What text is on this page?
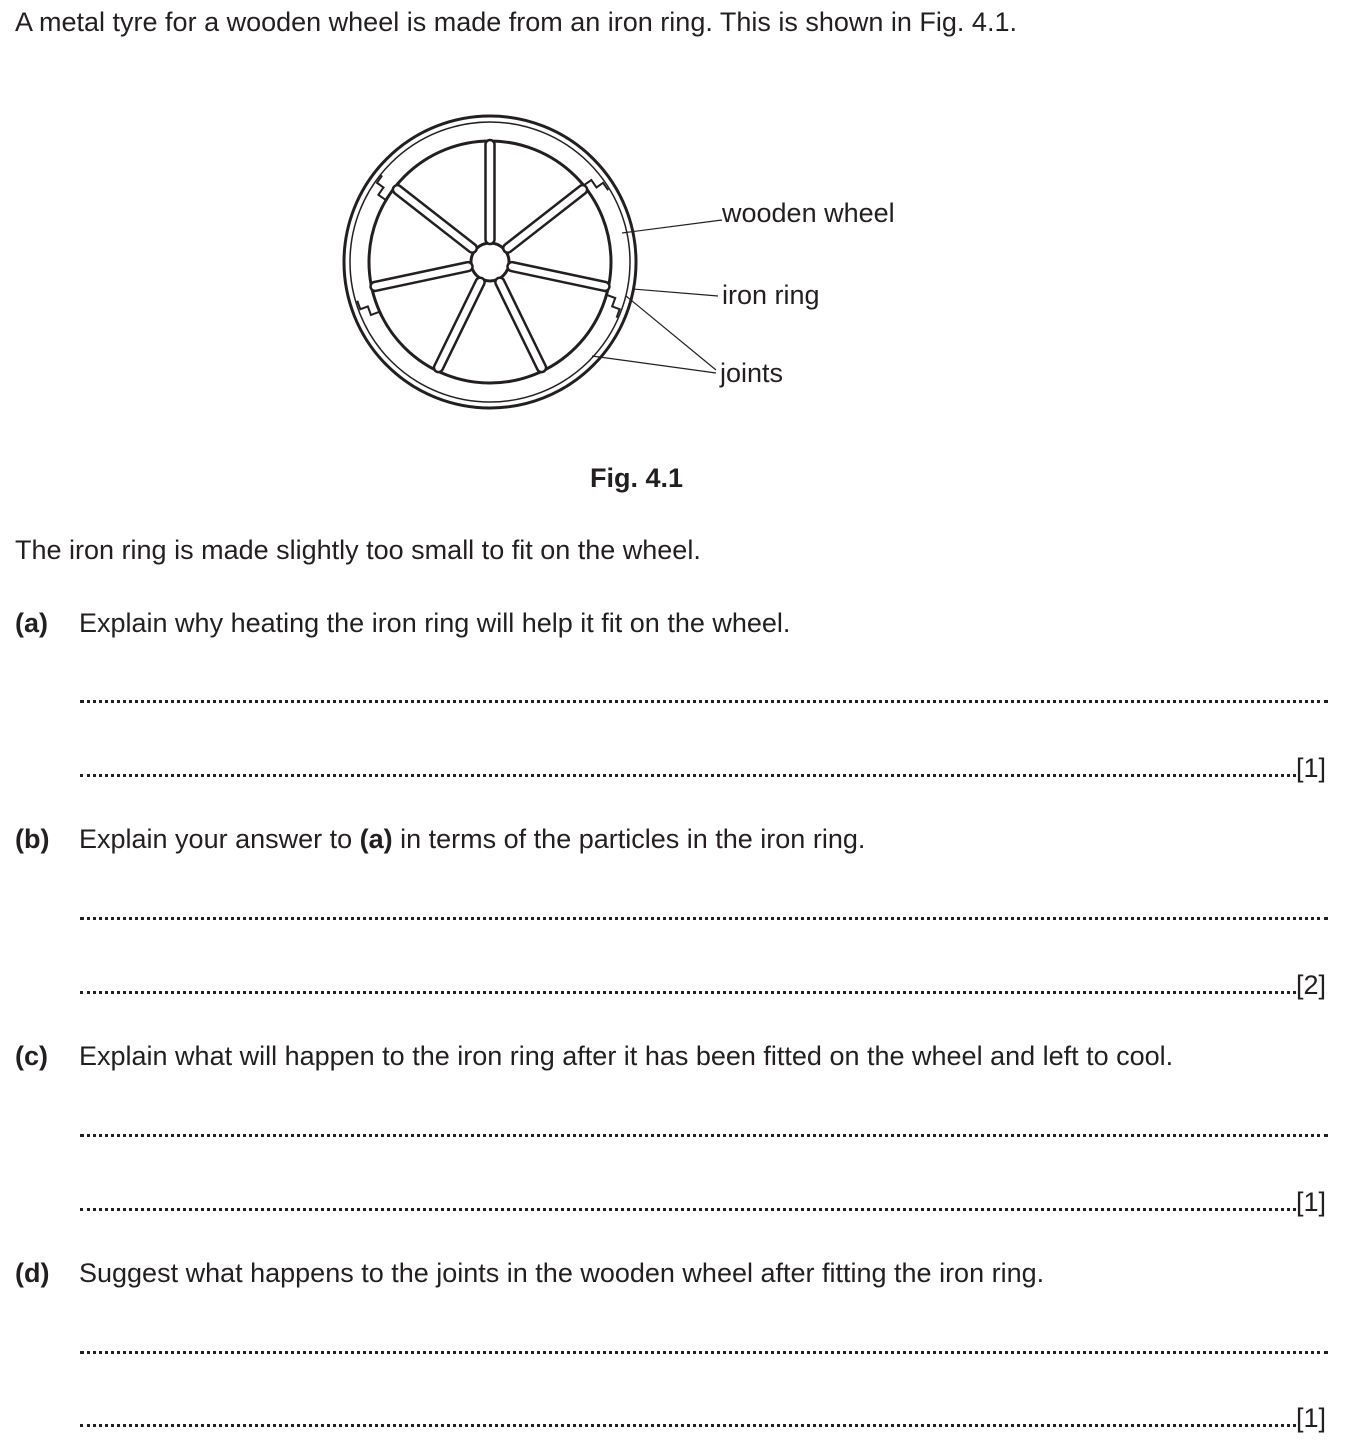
A metal tyre for a wooden wheel is made from an iron ring. This is shown in Fig. 4.1.
wooden wheel
iron ring
joints
Fig. 4.1
The iron ring is made slightly too small to fit on the wheel.
(a) Explain why heating the iron ring will help it fit on the wheel.
[1]
(b) Explain your answer to (a) in terms of the particles in the iron ring.
[2]
(c) Explain what will happen to the iron ring after it has been fitted on the wheel and left to cool.
[1]
(d) Suggest what happens to the joints in the wooden wheel after fitting the iron ring.
[1]
